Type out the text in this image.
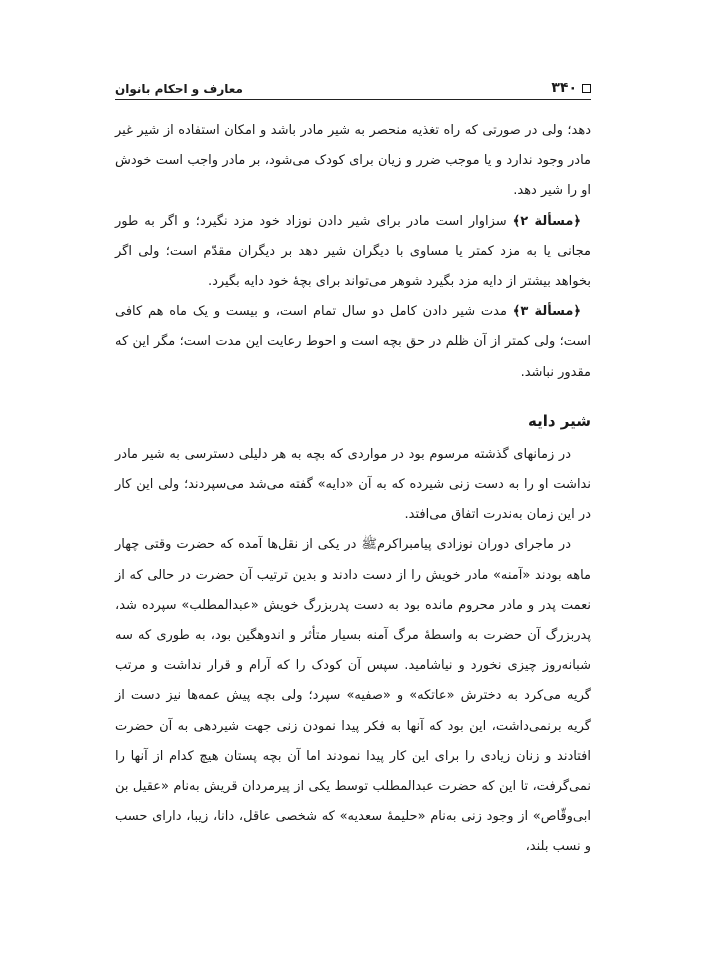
۳۴۰
معارف و احکام بانوان

دهد؛ ولی در صورتی که راه تغذیه منحصر به شیر مادر باشد و امکان استفاده از شیر غیر مادر وجود ندارد و یا موجب ضرر و زیان برای کودک می‌شود، بر مادر واجب است خودش او را شیر دهد.

﴿مسألة ۲﴾ سزاوار است مادر برای شیر دادن نوزاد خود مزد نگیرد؛ و اگر به طور مجانی یا به مزد کمتر یا مساوی با دیگران شیر دهد بر دیگران مقدّم است؛ ولی اگر بخواهد بیشتر از دایه مزد بگیرد شوهر می‌تواند برای بچهٔ خود دایه بگیرد.

﴿مسألة ۳﴾ مدت شیر دادن کامل دو سال تمام است، و بیست و یک ماه هم کافی است؛ ولی کمتر از آن ظلم در حق بچه است و احوط رعایت این مدت است؛ مگر این که مقدور نباشد.

شیر دایه

در زمانهای گذشته مرسوم بود در مواردی که بچه به هر دلیلی دسترسی به شیر مادر نداشت او را به دست زنی شیرده که به آن «دایه» گفته می‌شد می‌سپردند؛ ولی این کار در این زمان به‌ندرت اتفاق می‌افتد.

در ماجرای دوران نوزادی پیامبراکرمﷺ در یکی از نقل‌ها آمده که حضرت وقتی چهار ماهه بودند «آمنه» مادر خویش را از دست دادند و بدین ترتیب آن حضرت در حالی که از نعمت پدر و مادر محروم مانده بود به دست پدربزرگ خویش «عبدالمطلب» سپرده شد، پدربزرگ آن حضرت به واسطهٔ مرگ آمنه بسیار متأثر و اندوهگین بود، به طوری که سه شبانه‌روز چیزی نخورد و نیاشامید. سپس آن کودک را که آرام و قرار نداشت و مرتب گریه می‌کرد به دخترش «عاتکه» و «صفیه» سپرد؛ ولی بچه پیش عمه‌ها نیز دست از گریه برنمی‌داشت، این بود که آنها به فکر پیدا نمودن زنی جهت شیردهی به آن حضرت افتادند و زنان زیادی را برای این کار پیدا نمودند اما آن بچه پستان هیچ کدام از آنها را نمی‌گرفت، تا این که حضرت عبدالمطلب توسط یکی از پیرمردان قریش به‌نام «عقیل بن ابی‌وقّاص» از وجود زنی به‌نام «حلیمهٔ سعدیه» که شخصی عاقل، دانا، زیبا، دارای حسب و نسب بلند،
